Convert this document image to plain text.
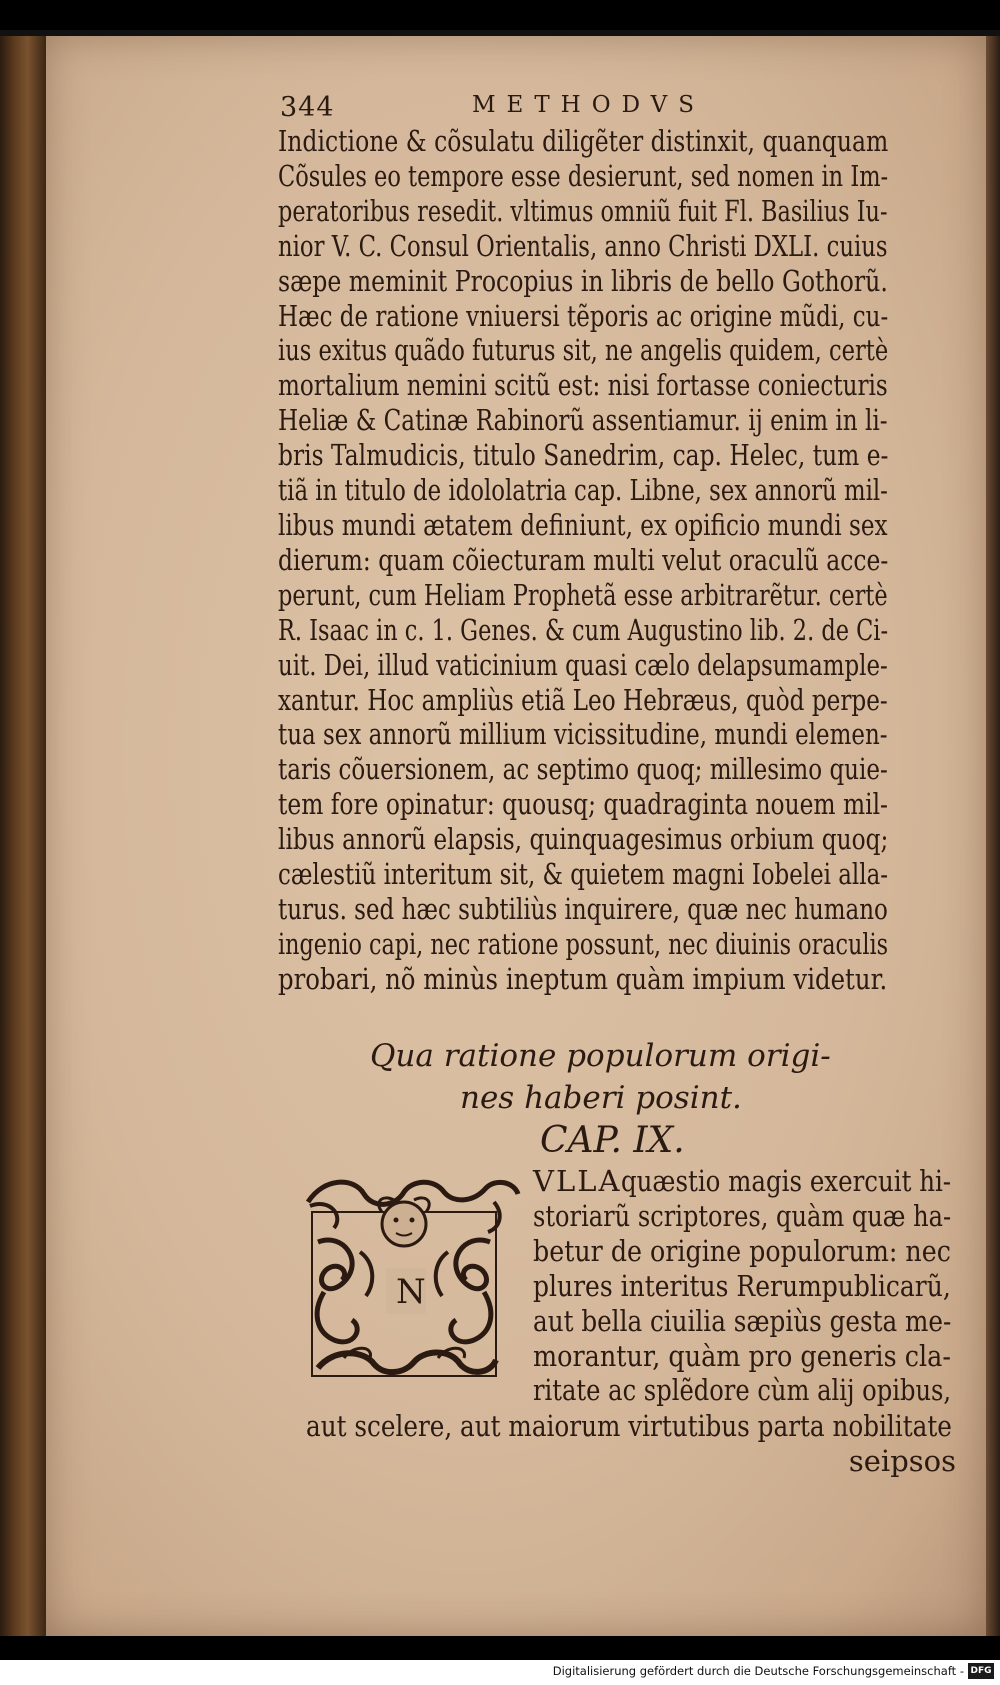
344	METHODVS
Indictione & cõsulatu diligẽter distinxit, quanquam
Cõsules eo tempore esse desierunt, sed nomen in Im-
peratoribus resedit. vltimus omniũ fuit Fl. Basilius Iu-
nior V. C. Consul Orientalis, anno Christi DXLI. cuius
sæpe meminit Procopius in libris de bello Gothorũ.
Hæc de ratione vniuersi tẽporis ac origine mũdi, cu-
ius exitus quãdo futurus sit, ne angelis quidem, certè
mortalium nemini scitũ est: nisi fortasse coniecturis
Heliæ & Catinæ Rabinorũ assentiamur. ij enim in li-
bris Talmudicis, titulo Sanedrim, cap. Helec, tum e-
tiã in titulo de idololatria cap. Libne, sex annorũ mil-
libus mundi ætatem definiunt, ex opificio mundi sex
dierum: quam cõiecturam multi velut oraculũ acce-
perunt, cum Heliam Prophetã esse arbitrarẽtur. certè
R. Isaac in c. 1. Genes. & cum Augustino lib. 2. de Ci-
uit. Dei, illud vaticinium quasi cælo delapsumample-
xantur. Hoc ampliùs etiã Leo Hebræus, quòd perpe-
tua sex annorũ millium vicissitudine, mundi elemen-
taris cõuersionem, ac septimo quoq; millesimo quie-
tem fore opinatur: quousq; quadraginta nouem mil-
libus annorũ elapsis, quinquagesimus orbium quoq;
cælestiũ interitum sit, & quietem magni Iobelei alla-
turus. sed hæc subtiliùs inquirere, quæ nec humano
ingenio capi, nec ratione possunt, nec diuinis oraculis
probari, nõ minùs ineptum quàm impium videtur.
Qua ratione populorum origi-
nes haberi posint.
CAP. IX.
N
VLLAquæstio magis exercuit hi-
storiarũ scriptores, quàm quæ ha-
betur de origine populorum: nec
plures interitus Rerumpublicarũ,
aut bella ciuilia sæpiùs gesta me-
morantur, quàm pro generis cla-
ritate ac splẽdore cùm alij opibus,
aut scelere, aut maiorum virtutibus parta nobilitate
seipsos
Digitalisierung gefördert durch die Deutsche Forschungsgemeinschaft - DFG
